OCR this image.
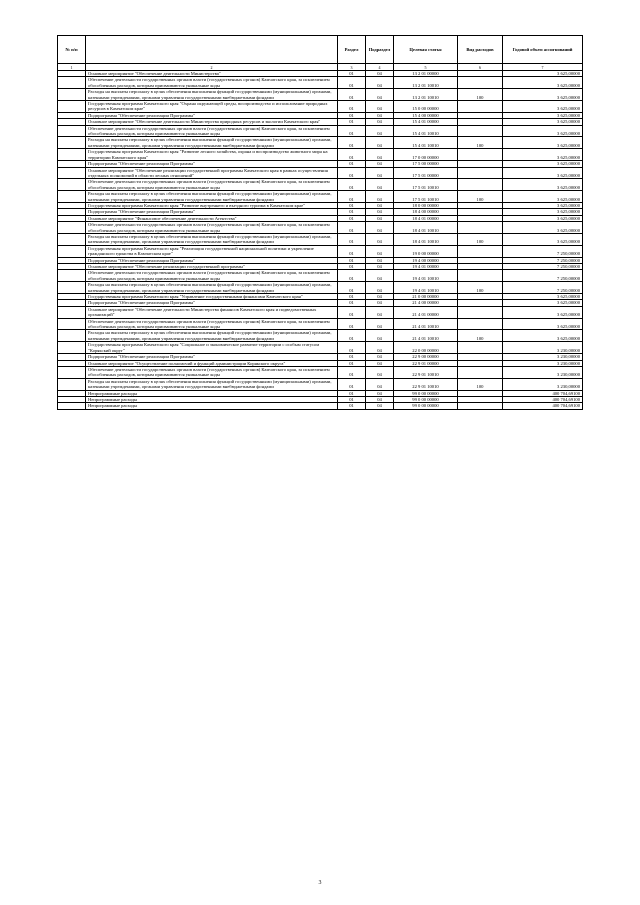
№ п/п		Раздел	Подраздел	Целевая статья	Вид расходов	Годовой объем ассигнований
1	2	3	4	5	6	7
	Основное мероприятие "Обеспечение деятельности Министерства"	01	04	13 2 01 00000		3 625,00000
	Обеспечение деятельности государственных органов власти (государственных органов) Камчатского края, за исключением обособленных расходов, которым присваиваются уникальные коды	01	04	13 2 01 10010		3 625,00000
	Расходы на выплаты персоналу в целях обеспечения выполнения функций государственными (муниципальными) органами, казенными учреждениями, органами управления государственными внебюджетными фондами	01	04	13 2 01 10010	100	3 625,00000
	Государственная программа Камчатского края "Охрана окружающей среды, воспроизводство и использование природных ресурсов в Камчатском крае"	01	04	15 0 00 00000		3 625,00000
	Подпрограмма "Обеспечение реализации Программы"	01	04	15 4 00 00000		3 625,00000
	Основное мероприятие "Обеспечение деятельности Министерства природных ресурсов и экологии Камчатского края"	01	04	15 4 01 00000		3 625,00000
	Обеспечение деятельности государственных органов власти (государственных органов) Камчатского края, за исключением обособленных расходов, которым присваиваются уникальные коды	01	04	15 4 01 10010		3 625,00000
	Расходы на выплаты персоналу в целях обеспечения выполнения функций государственными (муниципальными) органами, казенными учреждениями, органами управления государственными внебюджетными фондами	01	04	15 4 01 10010	100	3 625,00000
	Государственная программа Камчатского края "Развитие лесного хозяйства, охрана и воспроизводство животного мира на территории Камчатского края"	01	04	17 0 00 00000		3 625,00000
	Подпрограмма "Обеспечение реализации Программы"	01	04	17 5 00 00000		3 625,00000
	Основное мероприятие "Обеспечение реализации государственной программы Камчатского края в рамках осуществления отдельных полномочий в области лесных отношений"	01	04	17 5 01 00000		3 625,00000
	Обеспечение деятельности государственных органов власти (государственных органов) Камчатского края, за исключением обособленных расходов, которым присваиваются уникальные коды	01	04	17 5 01 10010		3 625,00000
	Расходы на выплаты персоналу в целях обеспечения выполнения функций государственными (муниципальными) органами, казенными учреждениями, органами управления государственными внебюджетными фондами	01	04	17 5 01 10010	100	3 625,00000
	Государственная программа Камчатского края "Развитие внутреннего и въездного туризма в Камчатском крае"	01	04	18 0 00 00000		3 625,00000
	Подпрограмма "Обеспечение реализации Программы"	01	04	18 4 00 00000		3 625,00000
	Основное мероприятие "Финансовое обеспечение деятельности Агентства"	01	04	18 4 01 00000		3 625,00000
	Обеспечение деятельности государственных органов власти (государственных органов) Камчатского края, за исключением обособленных расходов, которым присваиваются уникальные коды	01	04	18 4 01 10010		3 625,00000
	Расходы на выплаты персоналу в целях обеспечения выполнения функций государственными (муниципальными) органами, казенными учреждениями, органами управления государственными внебюджетными фондами	01	04	18 4 01 10010	100	3 625,00000
	Государственная программа Камчатского края "Реализация государственной национальной политики и укрепление гражданского единства в Камчатском крае"	01	04	19 0 00 00000		7 250,00000
	Подпрограмма "Обеспечение реализации Программы"	01	04	19 4 00 00000		7 250,00000
	Основное мероприятие "Обеспечение реализации государственной программы"	01	04	19 4 01 00000		7 250,00000
	Обеспечение деятельности государственных органов власти (государственных органов) Камчатского края, за исключением обособленных расходов, которым присваиваются уникальные коды	01	04	19 4 01 10010		7 250,00000
	Расходы на выплаты персоналу в целях обеспечения выполнения функций государственными (муниципальными) органами, казенными учреждениями, органами управления государственными внебюджетными фондами	01	04	19 4 01 10010	100	7 250,00000
	Государственная программа Камчатского края "Управление государственными финансами Камчатского края"	01	04	21 0 00 00000		3 625,00000
	Подпрограмма "Обеспечение реализации Программы"	01	04	21 4 00 00000		3 625,00000
	Основное мероприятие "Обеспечение деятельности Министерства финансов Камчатского края и подведомственных организаций"	01	04	21 4 01 00000		3 625,00000
	Обеспечение деятельности государственных органов власти (государственных органов) Камчатского края, за исключением обособленных расходов, которым присваиваются уникальные коды	01	04	21 4 01 10010		3 625,00000
	Расходы на выплаты персоналу в целях обеспечения выполнения функций государственными (муниципальными) органами, казенными учреждениями, органами управления государственными внебюджетными фондами	01	04	21 4 01 10010	100	3 625,00000
	Государственная программа Камчатского края "Социальное и экономическое развитие территории с особым статусом "Корякский округ"	01	04	22 0 00 00000		3 230,00000
	Подпрограмма "Обеспечение реализации Программы"	01	04	22 9 00 00000		3 230,00000
	Основное мероприятие "Осуществление полномочий и функций администрации Корякского округа"	01	04	22 9 01 00000		3 230,00000
	Обеспечение деятельности государственных органов власти (государственных органов) Камчатского края, за исключением обособленных расходов, которым присваиваются уникальные коды	01	04	22 9 01 10010		3 230,00000
	Расходы на выплаты персоналу в целях обеспечения выполнения функций государственными (муниципальными) органами, казенными учреждениями, органами управления государственными внебюджетными фондами	01	04	22 9 01 10010	100	3 230,00000
	Непрограммные расходы	01	04	99 0 00 00000		400 704,69100
	Непрограммные расходы	01	04	99 0 00 00000		400 704,69100
	Непрограммные расходы	01	04	99 0 00 00000		400 704,69100
3
